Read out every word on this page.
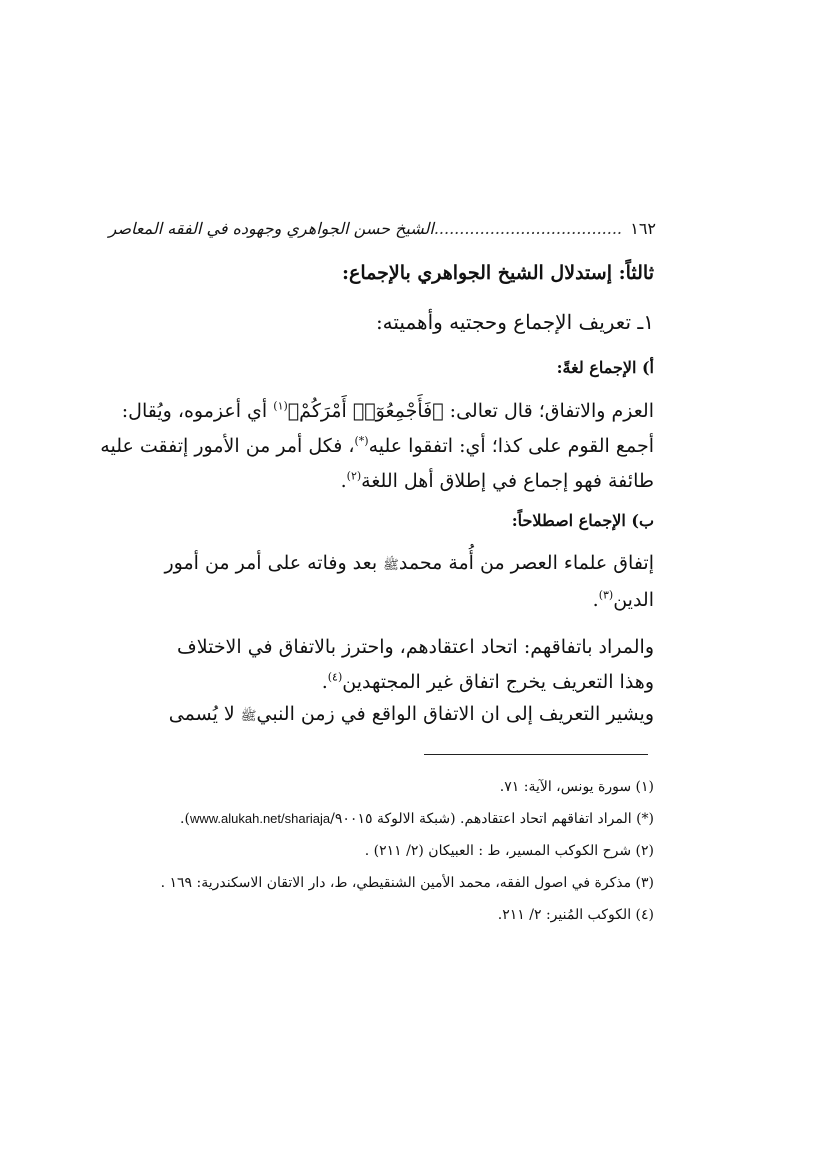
١٦٢
.....................................الشيخ حسن الجواهري وجهوده في الفقه المعاصر
ثالثاً: إستدلال الشيخ الجواهري بالإجماع:
١ـ تعريف الإجماع وحجتيه وأهميته:
أ) الإجماع لغةً:

العزم والاتفاق؛ قال تعالى: ﴿فَأَجْمِعُوٓا۟ أَمْرَكُمْ﴾$^{(١)}$ أي أعزموه، ويُقال:
أجمع القوم على كذا؛ أي: اتفقوا عليه(*)، فكل أمر من الأمور إتفقت عليه
طائفة فهو إجماع في إطلاق أهل اللغة$^{(٢)}$.

ب) الإجماع اصطلاحاً:

إتفاق علماء العصر من أُمة محمدﷺ بعد وفاته على أمر من أمور
الدين$^{(٣)}$.

والمراد باتفاقهم: اتحاد اعتقادهم، واحترز بالاتفاق في الاختلاف
وهذا التعريف يخرج اتفاق غير المجتهدين$^{(٤)}$.

ويشير التعريف إلى ان الاتفاق الواقع في زمن النبيﷺ لا يُسمى

(١) سورة يونس، الآية: ٧١.
(*) المراد اتفاقهم اتحاد اعتقادهم. (شبكة الالوكة ٩٠٠١٥/www.alukah.net/shariaja).
(٢) شرح الكوكب المسير، ط : العبيكان (٢/ ٢١١) .
(٣) مذكرة في اصول الفقه، محمد الأمين الشنقيطي، ط، دار الاتقان الاسكندرية: ١٦٩ .
(٤) الكوكب المُنير: ٢/ ٢١١.
